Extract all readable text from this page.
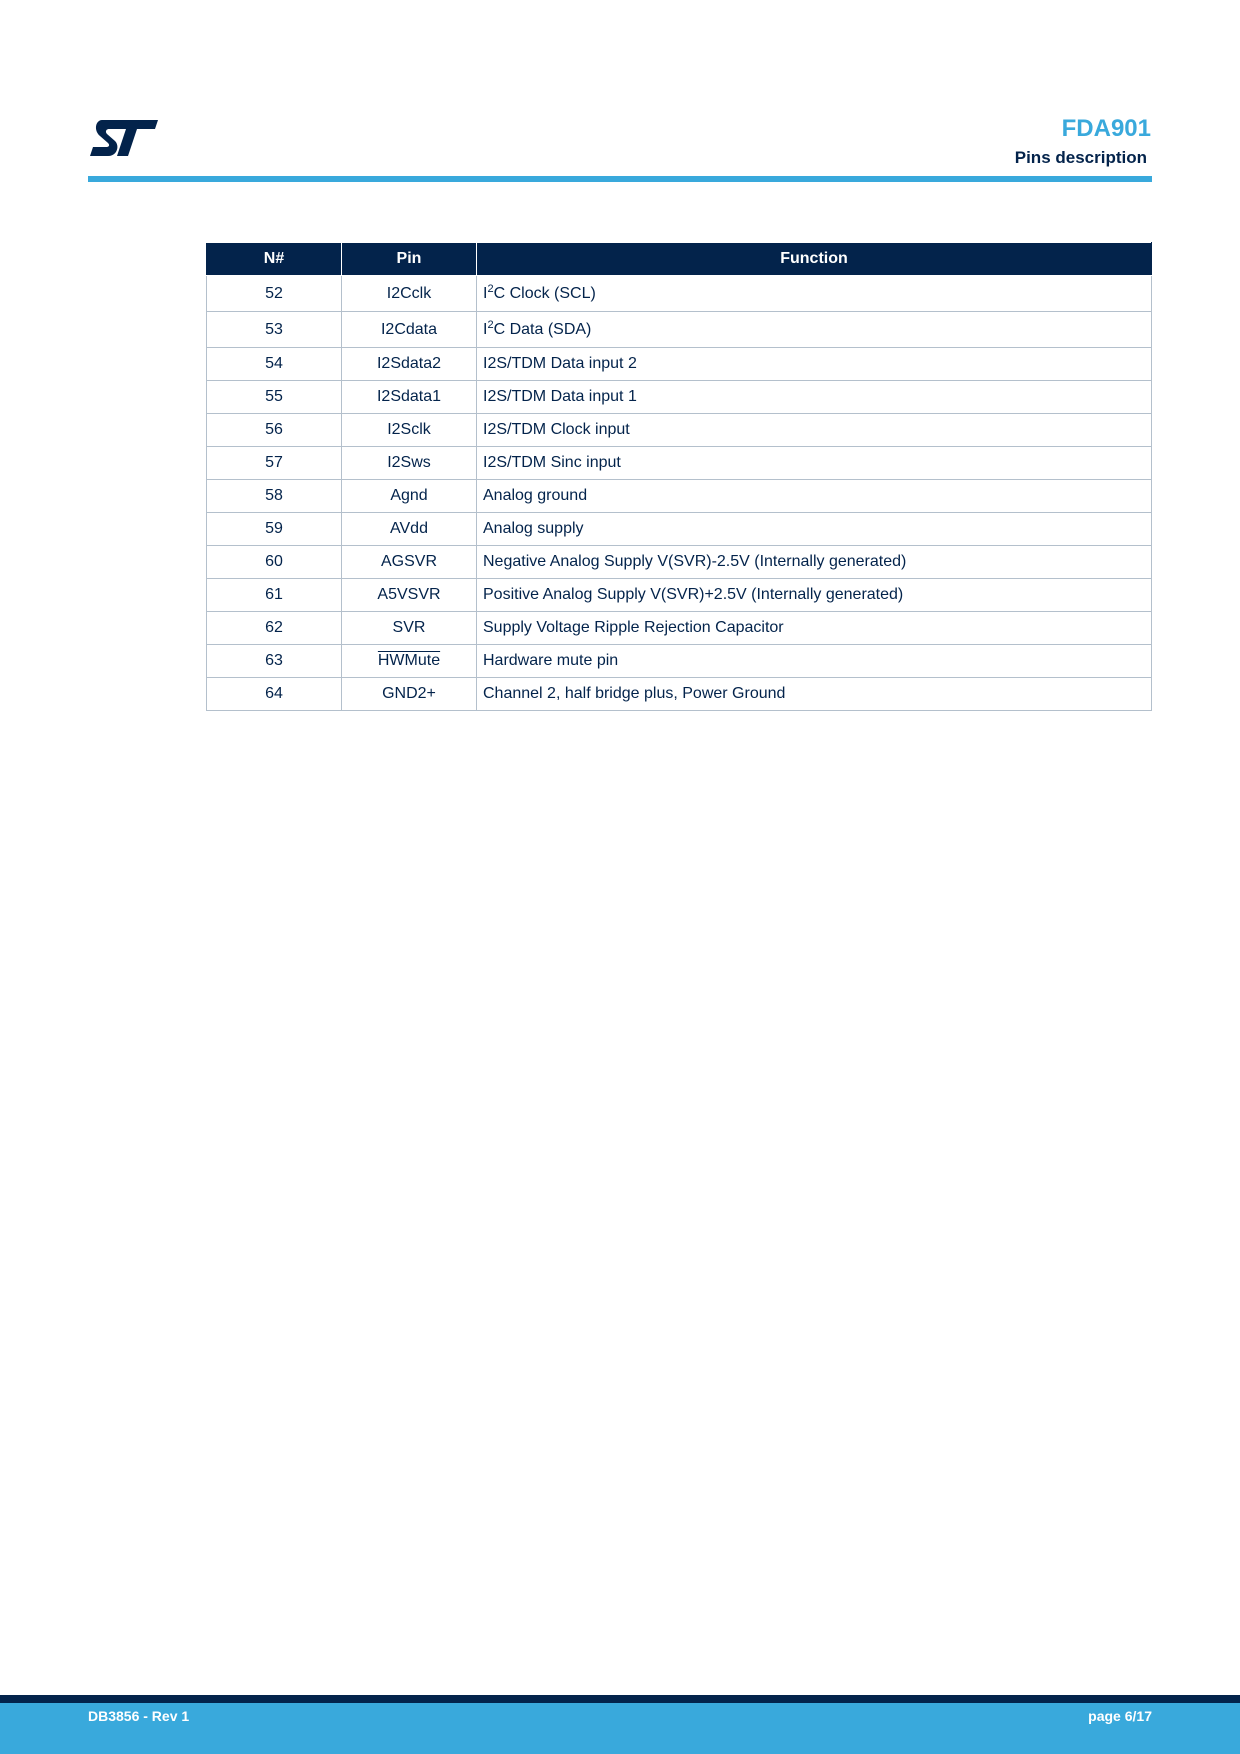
FDA901
Pins description
N#	Pin	Function
52	I2Cclk	$I^2C$ Clock (SCL)
53	I2Cdata	$I^2C$ Data (SDA)
54	I2Sdata2	I2S/TDM Data input 2
55	I2Sdata1	I2S/TDM Data input 1
56	I2Sclk	I2S/TDM Clock input
57	I2Sws	I2S/TDM Sinc input
58	Agnd	Analog ground
59	AVdd	Analog supply
60	AGSVR	Negative Analog Supply V(SVR)-2.5V (Internally generated)
61	A5VSVR	Positive Analog Supply V(SVR)+2.5V (Internally generated)
62	SVR	Supply Voltage Ripple Rejection Capacitor
63	HWMute	Hardware mute pin
64	GND2+	Channel 2, half bridge plus, Power Ground
DB3856 - Rev 1	page 6/17
